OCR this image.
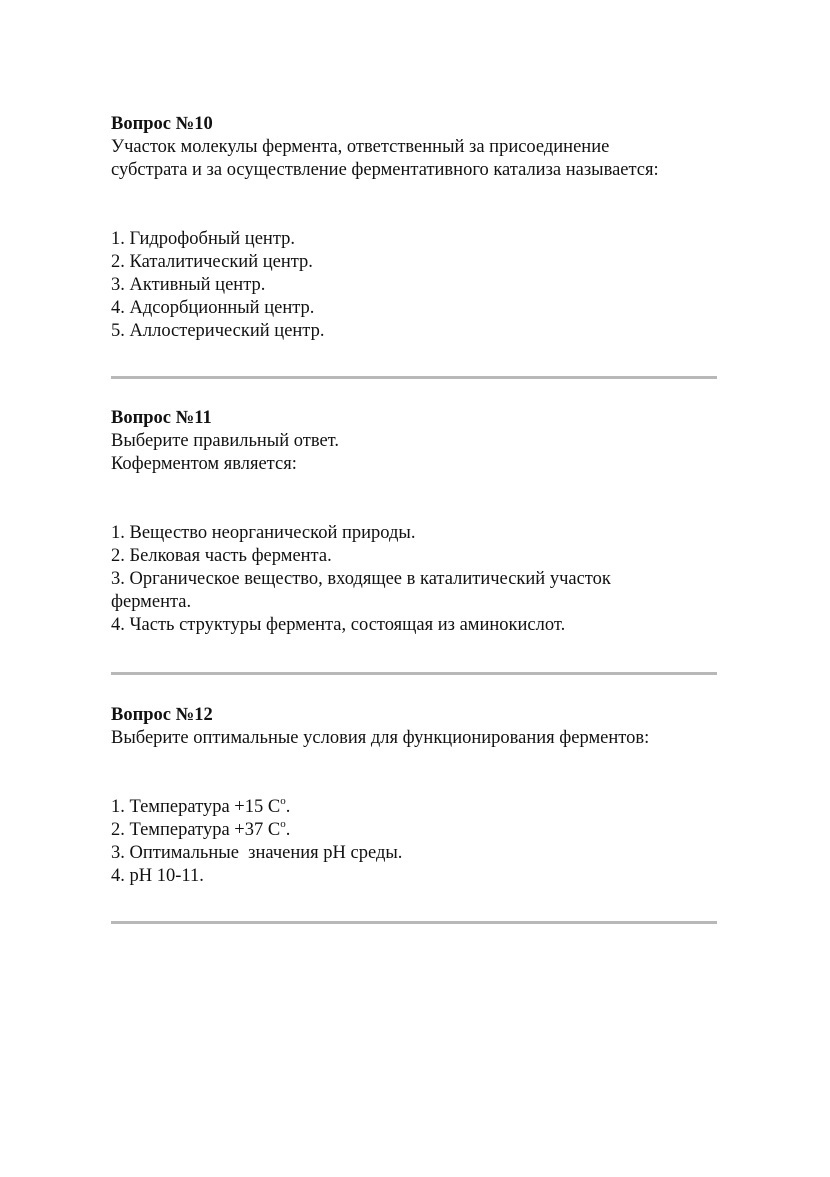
Вопрос №10

Участок молекулы фермента, ответственный за присоединение
субстрата и за осуществление ферментативного катализа называется:

1. Гидрофобный центр.
2. Каталитический центр.
3. Активный центр.
4. Адсорбционный центр.
5. Аллостерический центр.

Вопрос №11

Выберите правильный ответ.
Коферментом является:

1. Вещество неорганической природы.
2. Белковая часть фермента.
3. Органическое вещество, входящее в каталитический участок
фермента.
4. Часть структуры фермента, состоящая из аминокислот.

Вопрос №12

Выберите оптимальные условия для функционирования ферментов:

1. Температура +15 $С^о$.
2. Температура +37 $С^о$.
3. Оптимальные  значения рН среды.
4. рН 10-11.
